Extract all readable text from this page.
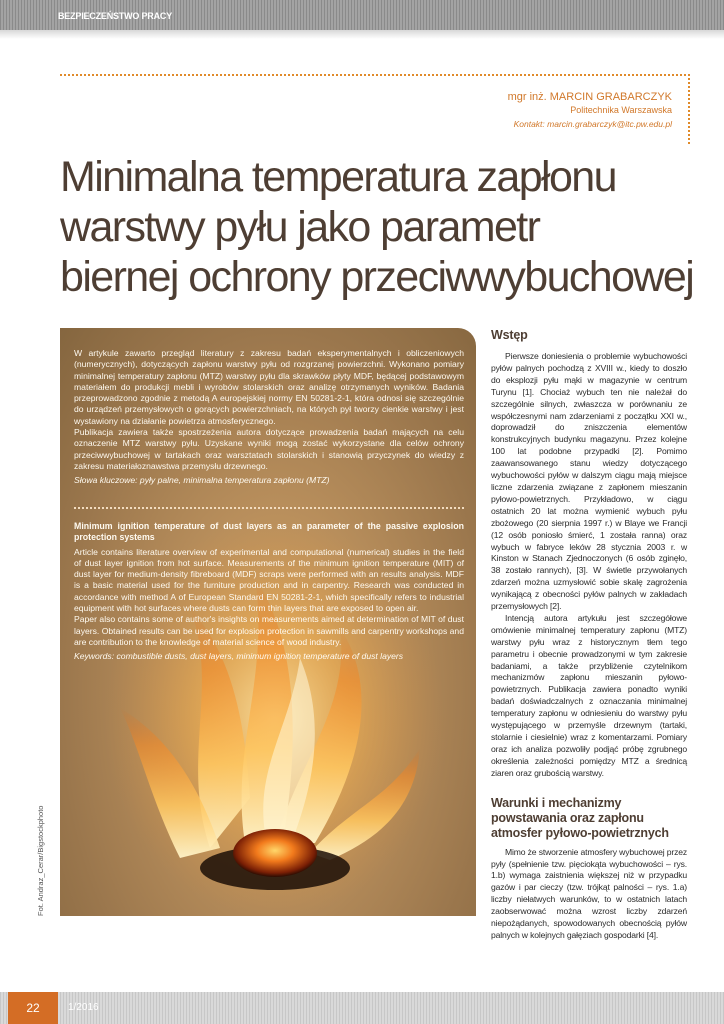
BEZPIECZEŃSTWO PRACY
mgr inż. MARCIN GRABARCZYK
Politechnika Warszawska
Kontakt: marcin.grabarczyk@itc.pw.edu.pl
Minimalna temperatura zapłonu
warstwy pyłu jako parametr
biernej ochrony przeciwwybuchowej

W artykule zawarto przegląd literatury z zakresu badań eksperymentalnych i obliczeniowych (numerycznych), dotyczących zapłonu warstwy pyłu od rozgrzanej powierzchni. Wykonano pomiary minimalnej temperatury zapłonu (MTZ) warstwy pyłu dla skrawków płyty MDF, będącej podstawowym materiałem do produkcji mebli i wyrobów stolarskich oraz analizę otrzymanych wyników. Badania przeprowadzono zgodnie z metodą A europejskiej normy EN 50281-2-1, która odnosi się szczególnie do urządzeń przemysłowych o gorących powierzchniach, na których pył tworzy cienkie warstwy i jest wystawiony na działanie powietrza atmosferycznego.

Publikacja zawiera także spostrzeżenia autora dotyczące prowadzenia badań mających na celu oznaczenie MTZ warstwy pyłu. Uzyskane wyniki mogą zostać wykorzystane dla celów ochrony przeciwwybuchowej w tartakach oraz warsztatach stolarskich i stanowią przyczynek do wiedzy z zakresu materiałoznawstwa przemysłu drzewnego.

Słowa kluczowe: pyły palne, minimalna temperatura zapłonu (MTZ)

Minimum ignition temperature of dust layers as an parameter of the passive explosion protection systems

Article contains literature overview of experimental and computational (numerical) studies in the field of dust layer ignition from hot surface. Measurements of the minimum ignition temperature (MIT) of dust layer for medium-density fibreboard (MDF) scraps were performed with an results analysis. MDF is a basic material used for the furniture production and in carpentry. Research was conducted in accordance with method A of European Standard EN 50281-2-1, which specifically refers to industrial equipment with hot surfaces where dusts can form thin layers that are exposed to open air.

Paper also contains some of author's insights on measurements aimed at determination of MIT of dust layers. Obtained results can be used for explosion protection in sawmills and carpentry workshops and are contribution to the knowledge of material science of wood industry.

Keywords: combustible dusts, dust layers, minimum ignition temperature of dust layers

Fot. Andraz_Cerar/Bigstockphoto
Wstęp

Pierwsze doniesienia o problemie wybuchowości pyłów palnych pochodzą z XVIII w., kiedy to doszło do eksplozji pyłu mąki w magazynie w centrum Turynu [1]. Chociaż wybuch ten nie należał do szczególnie silnych, zwłaszcza w porównaniu ze współczesnymi nam zdarzeniami z początku XXI w., doprowadził do zniszczenia elementów konstrukcyjnych budynku magazynu. Przez kolejne 100 lat podobne przypadki [2]. Pomimo zaawansowanego stanu wiedzy dotyczącego wybuchowości pyłów w dalszym ciągu mają miejsce liczne zdarzenia związane z zapłonem mieszanin pyłowo-powietrznych. Przykładowo, w ciągu ostatnich 20 lat można wymienić wybuch pyłu zbożowego (20 sierpnia 1997 r.) w Blaye we Francji (12 osób poniosło śmierć, 1 została ranna) oraz wybuch w fabryce leków 28 stycznia 2003 r. w Kinston w Stanach Zjednoczonych (6 osób zginęło, 38 zostało rannych), [3]. W świetle przywołanych zdarzeń można uzmysłowić sobie skalę zagrożenia wynikającą z obecności pyłów palnych w zakładach przemysłowych [2].

Intencją autora artykułu jest szczegółowe omówienie minimalnej temperatury zapłonu (MTZ) warstwy pyłu wraz z historycznym tłem tego parametru i obecnie prowadzonymi w tym zakresie badaniami, a także przybliżenie czytelnikom mechanizmów zapłonu mieszanin pyłowo-powietrznych. Publikacja zawiera ponadto wyniki badań doświadczalnych z oznaczania minimalnej temperatury zapłonu w odniesieniu do warstwy pyłu występującego w przemyśle drzewnym (tartaki, stolarnie i ciesielnie) wraz z komentarzami. Pomiary oraz ich analiza pozwoliły podjąć próbę zgrubnego określenia zależności pomiędzy MTZ a średnicą ziaren oraz grubością warstwy.

Warunki i mechanizmy powstawania oraz zapłonu atmosfer pyłowo-powietrznych

Mimo że stworzenie atmosfery wybuchowej przez pyły (spełnienie tzw. pięciokąta wybuchowości – rys. 1.b) wymaga zaistnienia większej niż w przypadku gazów i par cieczy (tzw. trójkąt palności – rys. 1.a) liczby niełatwych warunków, to w ostatnich latach zaobserwować można wzrost liczby zdarzeń niepożądanych, spowodowanych obecnością pyłów palnych w kolejnych gałęziach gospodarki [4].

22	1/2016
